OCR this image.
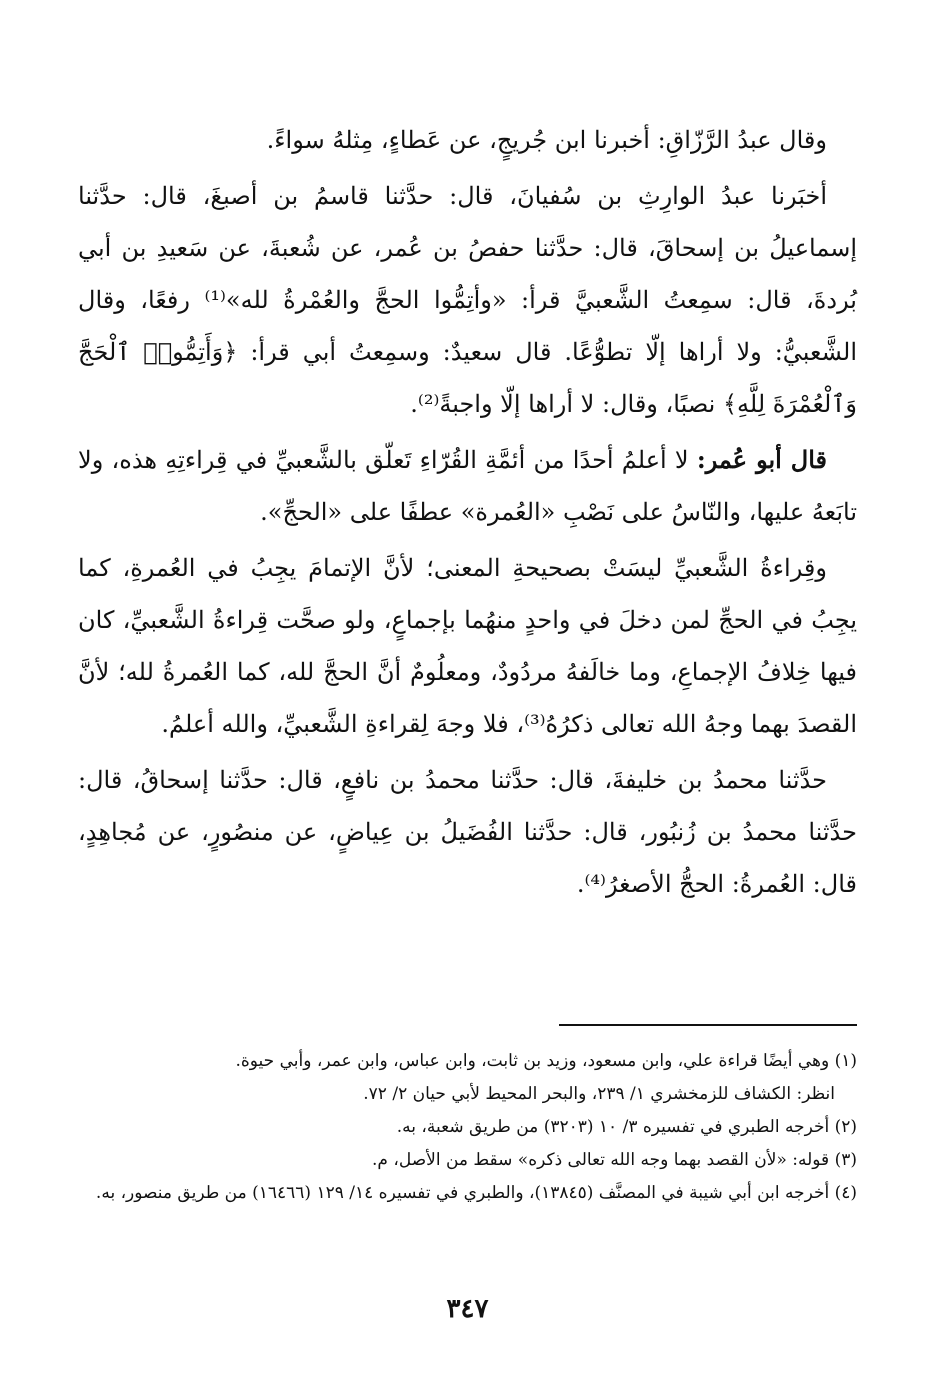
وقال عبدُ الرَّزّاقِ: أخبرنا ابن جُريجٍ، عن عَطاءٍ، مِثلهُ سواءً.

أخبَرنا عبدُ الوارِثِ بن سُفيانَ، قال: حدَّثنا قاسمُ بن أصبغَ، قال: حدَّثنا إسماعيلُ بن إسحاقَ، قال: حدَّثنا حفصُ بن عُمر، عن شُعبةَ، عن سَعيدِ بن أبي بُردةَ، قال: سمِعتُ الشَّعبيَّ قرأ: «وأتِمُّوا الحجَّ والعُمْرةُ لله»⁽¹⁾ رفعًا، وقال الشَّعبيُّ: ولا أراها إلّا تطوُّعًا. قال سعيدٌ: وسمِعتُ أبي قرأ: ﴿وَأَتِمُّوا۟ ٱلْحَجَّ وَٱلْعُمْرَةَ لِلَّهِ﴾ نصبًا، وقال: لا أراها إلّا واجبةً⁽²⁾.

قال أبو عُمر: لا أعلمُ أحدًا من أئمَّةِ القُرّاءِ تَعلّق بالشَّعبيِّ في قِراءتِهِ هذه، ولا تابَعهُ عليها، والنّاسُ على نَصْبِ «العُمرة» عطفًا على «الحجِّ».

وقِراءةُ الشَّعبيِّ ليسَتْ بصحيحةِ المعنى؛ لأنَّ الإتمامَ يجِبُ في العُمرةِ، كما يجِبُ في الحجِّ لمن دخلَ في واحدٍ منهُما بإجماعٍ، ولو صحَّت قِراءةُ الشَّعبيِّ، كان فيها خِلافُ الإجماعِ، وما خالَفهُ مردُودٌ، ومعلُومٌ أنَّ الحجَّ لله، كما العُمرةُ لله؛ لأنَّ القصدَ بهما وجهُ الله تعالى ذكرُهُ⁽³⁾، فلا وجهَ لِقراءةِ الشَّعبيِّ، والله أعلمُ.

حدَّثنا محمدُ بن خليفةَ، قال: حدَّثنا محمدُ بن نافعٍ، قال: حدَّثنا إسحاقُ، قال: حدَّثنا محمدُ بن زُنبُور، قال: حدَّثنا الفُضَيلُ بن عِياضٍ، عن منصُورٍ، عن مُجاهِدٍ، قال: العُمرةُ: الحجُّ الأصغرُ⁽⁴⁾.

(١) وهي أيضًا قراءة علي، وابن مسعود، وزيد بن ثابت، وابن عباس، وابن عمر، وأبي حيوة.

انظر: الكشاف للزمخشري ١/ ٢٣٩، والبحر المحيط لأبي حيان ٢/ ٧٢.

(٢) أخرجه الطبري في تفسيره ٣/ ١٠ (٣٢٠٣) من طريق شعبة، به.

(٣) قوله: «لأن القصد بهما وجه الله تعالى ذكره» سقط من الأصل، م.

(٤) أخرجه ابن أبي شيبة في المصنَّف (١٣٨٤٥)، والطبري في تفسيره ١٤/ ١٢٩ (١٦٤٦٦) من طريق منصور، به.

٣٤٧
